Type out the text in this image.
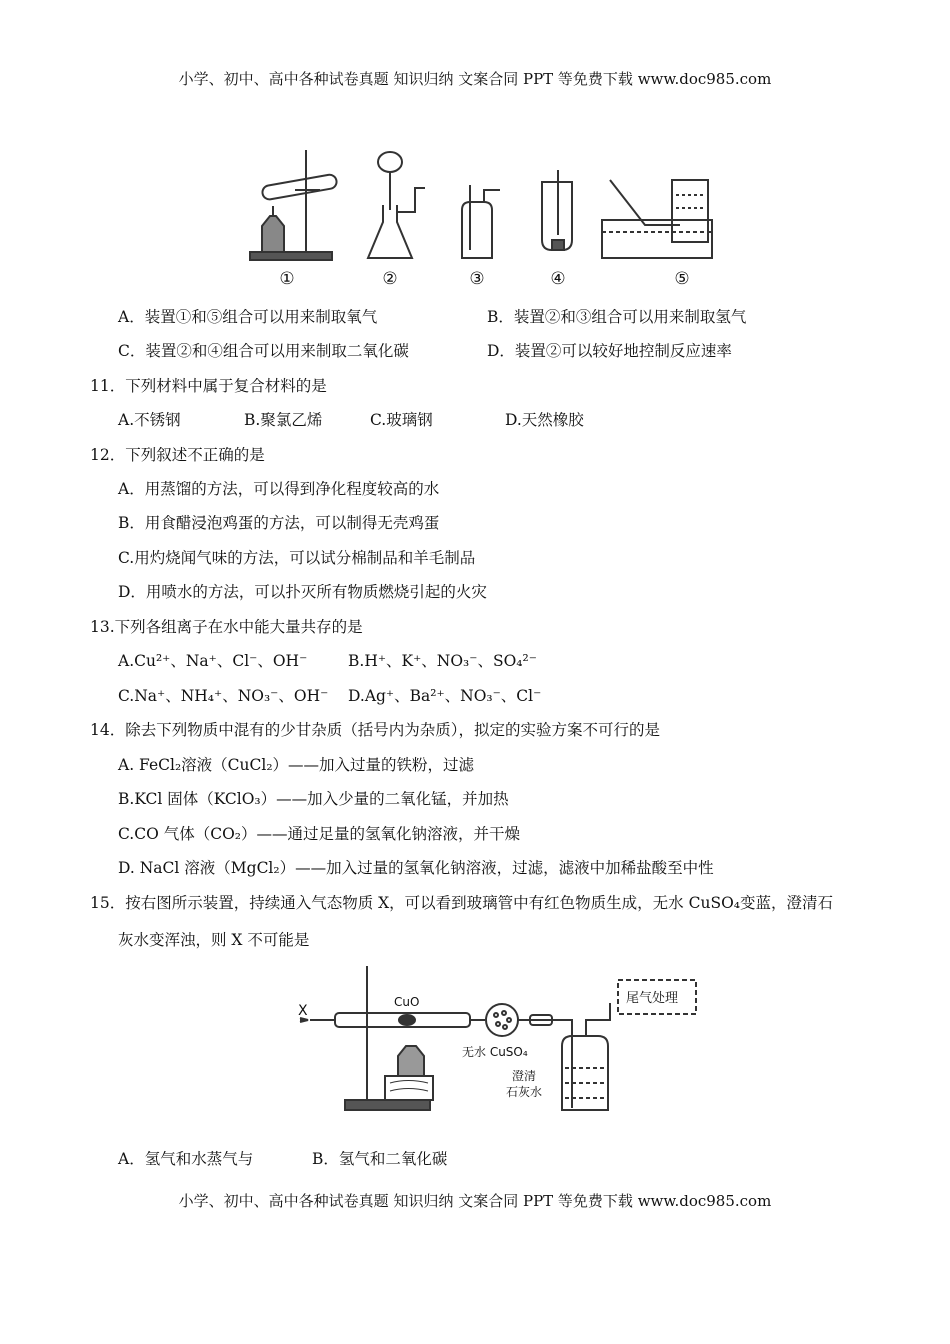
小学、初中、高中各种试卷真题 知识归纳 文案合同 PPT 等免费下载 www.doc985.com
①	②	③	④	⑤
A．装置①和⑤组合可以用来制取氧气	B．装置②和③组合可以用来制取氢气
C．装置②和④组合可以用来制取二氧化碳	D．装置②可以较好地控制反应速率
11．下列材料中属于复合材料的是
A.不锈钢	B.聚氯乙烯	C.玻璃钢	D.天然橡胶
12．下列叙述不正确的是
A．用蒸馏的方法，可以得到净化程度较高的水
B．用食醋浸泡鸡蛋的方法，可以制得无壳鸡蛋
C.用灼烧闻气味的方法，可以试分棉制品和羊毛制品
D．用喷水的方法，可以扑灭所有物质燃烧引起的火灾
13.下列各组离子在水中能大量共存的是
A.Cu²⁺、Na⁺、Cl⁻、OH⁻	B.H⁺、K⁺、NO₃⁻、SO₄²⁻
C.Na⁺、NH₄⁺、NO₃⁻、OH⁻ D.Ag⁺、Ba²⁺、NO₃⁻、Cl⁻
14．除去下列物质中混有的少甘杂质（括号内为杂质），拟定的实验方案不可行的是
A. FeCl₂溶液（CuCl₂）——加入过量的铁粉，过滤
B.KCl 固体（KClO₃）——加入少量的二氧化锰，并加热
C.CO 气体（CO₂）——通过足量的氢氧化钠溶液，并干燥
D. NaCl 溶液（MgCl₂）——加入过量的氢氧化钠溶液，过滤，滤液中加稀盐酸至中性
15．按右图所示装置，持续通入气态物质 X，可以看到玻璃管中有红色物质生成，无水 CuSO₄变蓝，澄清石
灰水变浑浊，则 X 不可能是
X
CuO
无水 CuSO₄
澄清
石灰水
尾气处理
A．氢气和水蒸气与	B．氢气和二氧化碳
小学、初中、高中各种试卷真题 知识归纳 文案合同 PPT 等免费下载 www.doc985.com
